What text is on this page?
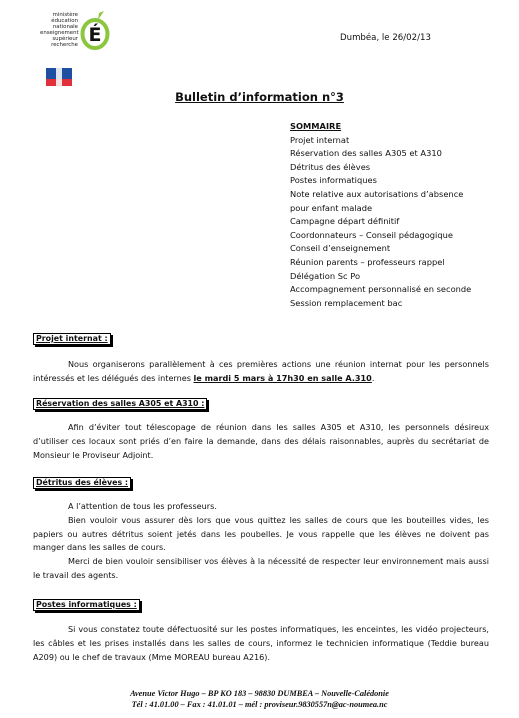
ministère
éducation
nationale
enseignement
supérieur
recherche É	Dumbéa, le 26/02/13
Bulletin d’information n°3
SOMMAIRE
Projet internat
Réservation des salles A305 et A310
Détritus des élèves
Postes informatiques
Note relative aux autorisations d’absence
pour enfant malade
Campagne départ définitif
Coordonnateurs – Conseil pédagogique
Conseil d’enseignement
Réunion parents – professeurs rappel
Délégation Sc Po
Accompagnement personnalisé en seconde
Session remplacement bac
Projet internat :
Nous organiserons parallèlement à ces premières actions une réunion internat pour les personnels intéressés et les délégués des internes le mardi 5 mars à 17h30 en salle A.310.
Réservation des salles A305 et A310 :
Afin d’éviter tout télescopage de réunion dans les salles A305 et A310, les personnels désireux d’utiliser ces locaux sont priés d’en faire la demande, dans des délais raisonnables, auprès du secrétariat de Monsieur le Proviseur Adjoint.
Détritus des élèves :
A l’attention de tous les professeurs.
Bien vouloir vous assurer dès lors que vous quittez les salles de cours que les bouteilles vides, les papiers ou autres détritus soient jetés dans les poubelles. Je vous rappelle que les élèves ne doivent pas manger dans les salles de cours.
Merci de bien vouloir sensibiliser vos élèves à la nécessité de respecter leur environnement mais aussi le travail des agents.
Postes informatiques :
Si vous constatez toute défectuosité sur les postes informatiques, les enceintes, les vidéo projecteurs, les câbles et les prises installés dans les salles de cours, informez le technicien informatique (Teddie bureau A209) ou le chef de travaux (Mme MOREAU bureau A216).
Avenue Victor Hugo – BP KO 183 – 98830 DUMBEA – Nouvelle-Calédonie
Tél : 41.01.00 – Fax : 41.01.01 – mél : proviseur.9830557n@ac-noumea.nc
